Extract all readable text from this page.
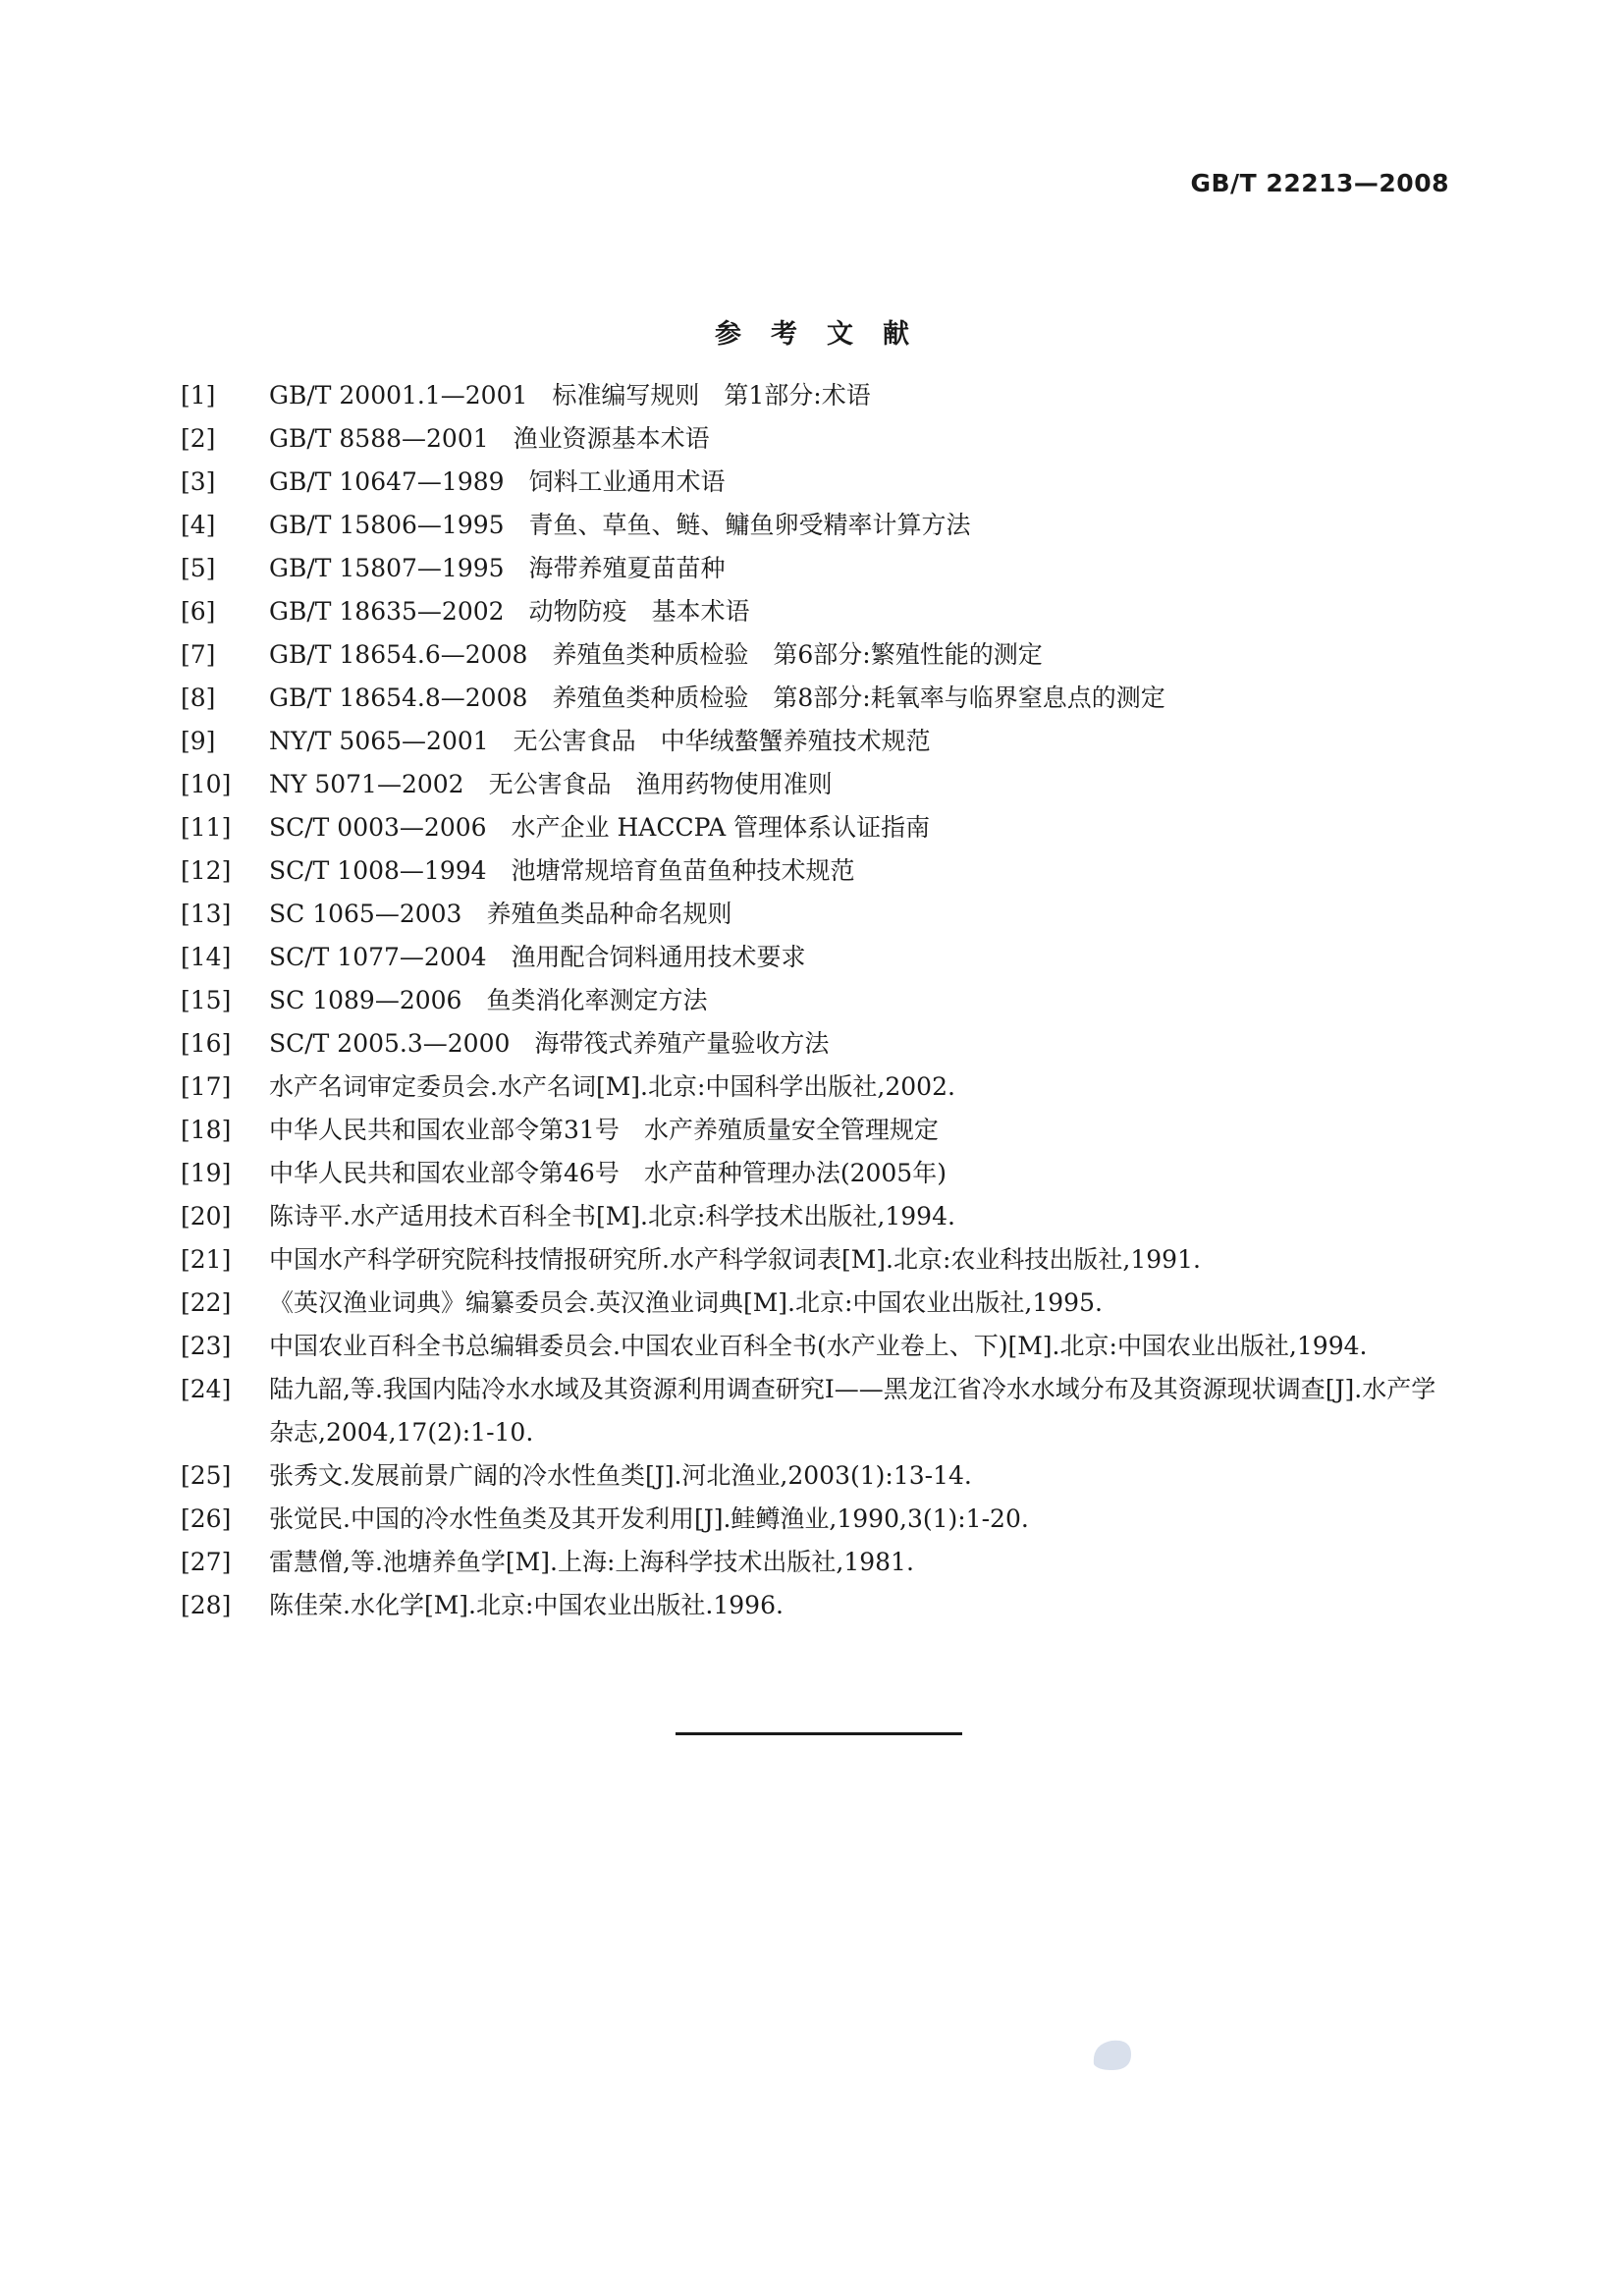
GB/T 22213—2008
参考文献
[1] GB/T 20001.1—2001　标准编写规则　第1部分:术语
[2] GB/T 8588—2001　渔业资源基本术语
[3] GB/T 10647—1989　饲料工业通用术语
[4] GB/T 15806—1995　青鱼、草鱼、鲢、鳙鱼卵受精率计算方法
[5] GB/T 15807—1995　海带养殖夏苗苗种
[6] GB/T 18635—2002　动物防疫　基本术语
[7] GB/T 18654.6—2008　养殖鱼类种质检验　第6部分:繁殖性能的测定
[8] GB/T 18654.8—2008　养殖鱼类种质检验　第8部分:耗氧率与临界窒息点的测定
[9] NY/T 5065—2001　无公害食品　中华绒螯蟹养殖技术规范
[10] NY 5071—2002　无公害食品　渔用药物使用准则
[11] SC/T 0003—2006　水产企业 HACCPA 管理体系认证指南
[12] SC/T 1008—1994　池塘常规培育鱼苗鱼种技术规范
[13] SC 1065—2003　养殖鱼类品种命名规则
[14] SC/T 1077—2004　渔用配合饲料通用技术要求
[15] SC 1089—2006　鱼类消化率测定方法
[16] SC/T 2005.3—2000　海带筏式养殖产量验收方法
[17] 水产名词审定委员会.水产名词[M].北京:中国科学出版社,2002.
[18] 中华人民共和国农业部令第31号　水产养殖质量安全管理规定
[19] 中华人民共和国农业部令第46号　水产苗种管理办法(2005年)
[20] 陈诗平.水产适用技术百科全书[M].北京:科学技术出版社,1994.
[21] 中国水产科学研究院科技情报研究所.水产科学叙词表[M].北京:农业科技出版社,1991.
[22] 《英汉渔业词典》编纂委员会.英汉渔业词典[M].北京:中国农业出版社,1995.
[23] 中国农业百科全书总编辑委员会.中国农业百科全书(水产业卷上、下)[M].北京:中国农业出版社,1994.
[24] 陆九韶,等.我国内陆冷水水域及其资源利用调查研究Ⅰ——黑龙江省冷水水域分布及其资源现状调查[J].水产学杂志,2004,17(2):1-10.
[25] 张秀文.发展前景广阔的冷水性鱼类[J].河北渔业,2003(1):13-14.
[26] 张觉民.中国的冷水性鱼类及其开发利用[J].鲑鳟渔业,1990,3(1):1-20.
[27] 雷慧僧,等.池塘养鱼学[M].上海:上海科学技术出版社,1981.
[28] 陈佳荣.水化学[M].北京:中国农业出版社.1996.
